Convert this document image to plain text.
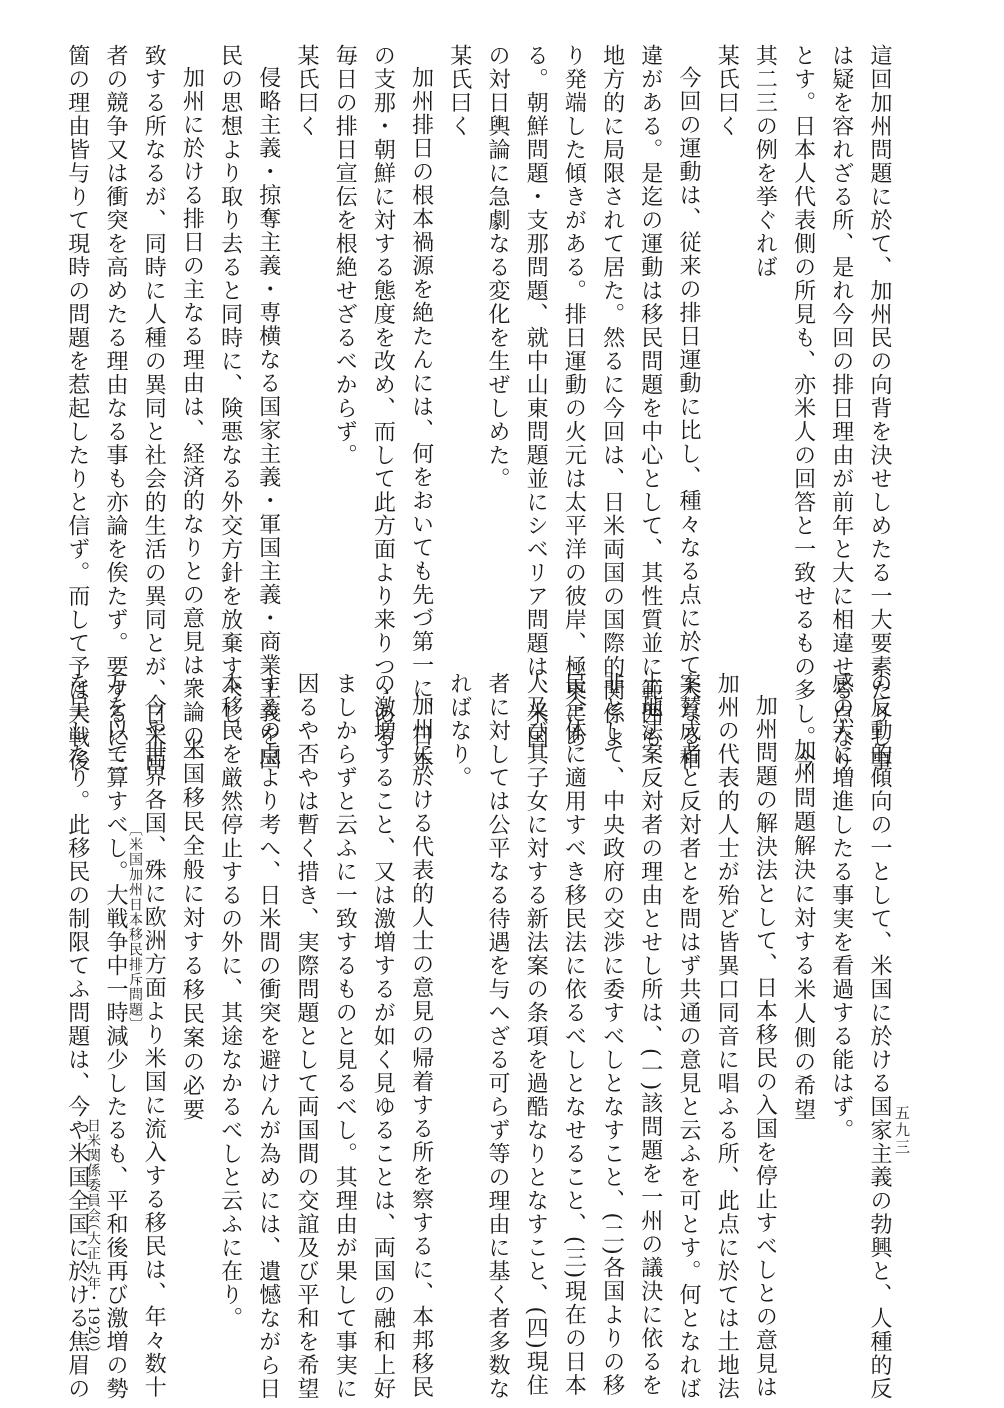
這回加州問題に於て、加州民の向背を決せしめたる一大要素たりし事
は疑を容れざる所、是れ今回の排日理由が前年と大に相違せる点なり
とす。日本人代表側の所見も、亦米人の回答と一致せるもの多し。今
其二三の例を挙ぐれば
某氏曰く
今回の運動は、従来の排日運動に比し、種々なる点に於て大なる相
違がある。是迄の運動は移民問題を中心として、其性質並に範囲も
地方的に局限されて居た。然るに今回は、日米両国の国際的関係よ
り発端した傾きがある。排日運動の火元は太平洋の彼岸、極東にあ
る。朝鮮問題・支那問題、就中山東問題並にシベリア問題は、米国
の対日輿論に急劇なる変化を生ぜしめた。
某氏曰く
加州排日の根本禍源を絶たんには、何をおいても先づ第一に、日本
の支那・朝鮮に対する態度を改め、而して此方面より来りつゝある
毎日の排日宣伝を根絶せざるべからず。
某氏曰く
侵略主義・掠奪主義・専横なる国家主義・軍国主義・商業主義を国
民の思想より取り去ると同時に、険悪なる外交方針を放棄すべし。
加州に於ける排日の主なる理由は、経済的なりとの意見は衆論の一
致する所なるが、同時に人種の異同と社会的生活の異同とが、日米両
者の競争又は衝突を高めたる理由なる事も亦論を俟たず。要するに三
箇の理由皆与りて現時の問題を惹起したりと信ず。而して予は大戦後
の反動的傾向の一として、米国に於ける国家主義の勃興と、人種的反
感の大に増進したる事実を看過する能はず。
加州問題解決に対する米人側の希望
加州問題の解決法として、日本移民の入国を停止すべしとの意見は
加州の代表的人士が殆ど皆異口同音に唱ふる所、此点に於ては土地法
案賛成者と反対者とを問はず共通の意見と云ふを可とす。何となれば
土地法案反対者の理由とせし所は、(一)該問題を一州の議決に依るを
非として、中央政府の交渉に委すべしとなすこと、(二)各国よりの移
民全体に適用すべき移民法に依るべしとなせること、(三)現在の日本
人及び其子女に対する新法案の条項を過酷なりとなすこと、(四)現住
者に対しては公平なる待遇を与へざる可らず等の理由に基く者多数な
ればなり。
加州に於ける代表的人士の意見の帰着する所を察するに、本邦移民
の激増すること、又は激増するが如く見ゆることは、両国の融和上好
ましからずと云ふに一致するものと見るべし。其理由が果して事実に
因るや否やは暫く措き、実際問題として両国間の交誼及び平和を希望
するの点より考へ、日米間の衝突を避けんが為めには、遺憾ながら日
本移民を厳然停止するの外に、其途なかるべしと云ふに在り。
米国移民全般に対する移民案の必要
今や世界各国、殊に欧洲方面より米国に流入する移民は、年々数十
万を以て算すべし。大戦争中一時減少したるも、平和後再び激増の勢
を呈したり。此移民の制限てふ問題は、今や米国全国に於ける焦眉の	〔米国加州日本移民排斥問題〕
日米関係委員会
（大正九年・1920）
五九三
